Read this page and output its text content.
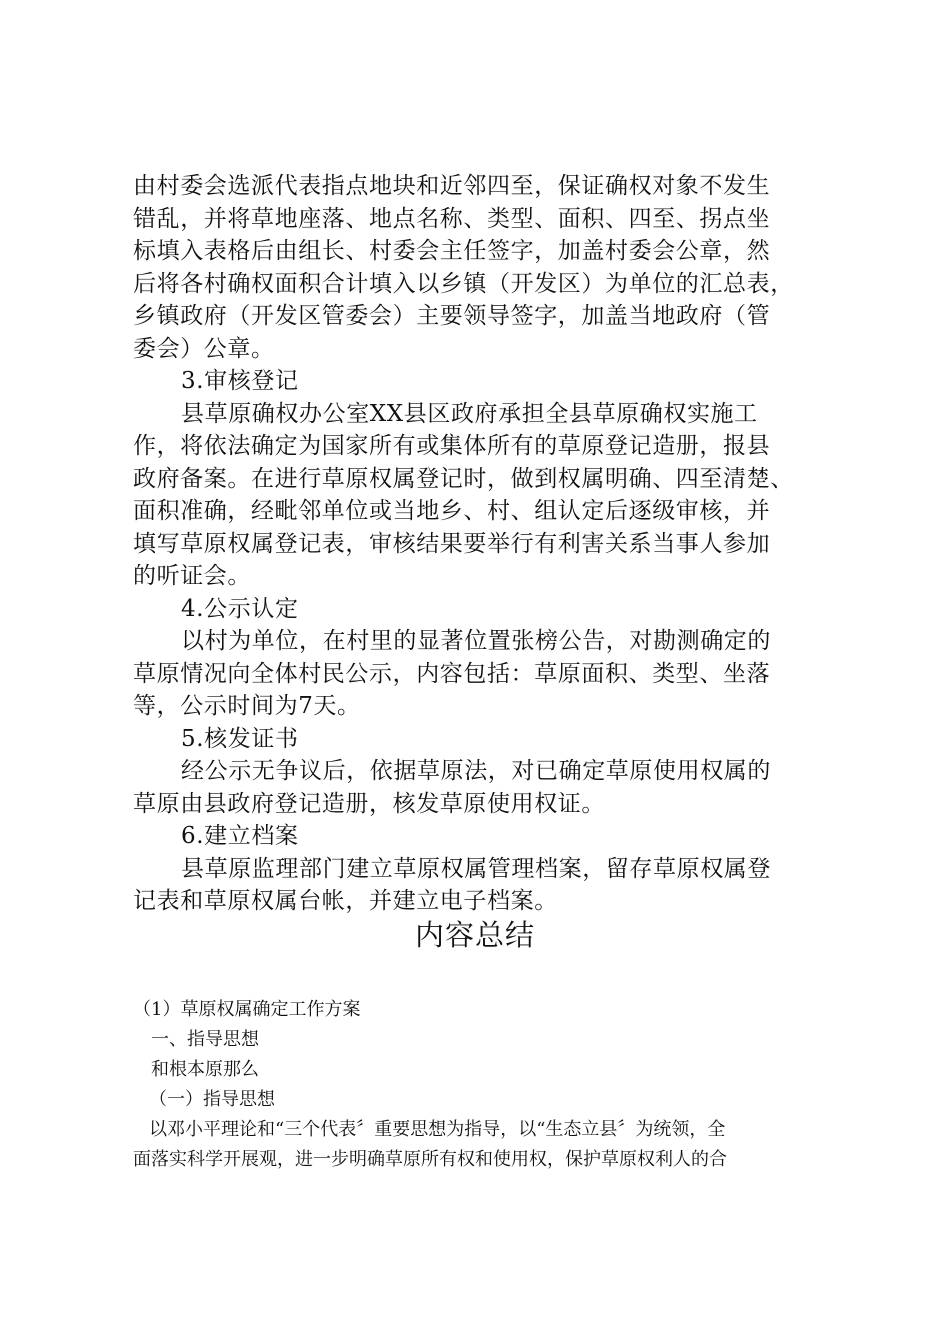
由村委会选派代表指点地块和近邻四至，保证确权对象不发生
错乱，并将草地座落、地点名称、类型、面积、四至、拐点坐
标填入表格后由组长、村委会主任签字，加盖村委会公章，然
后将各村确权面积合计填入以乡镇（开发区）为单位的汇总表，
乡镇政府（开发区管委会）主要领导签字，加盖当地政府（管
委会）公章。
3.审核登记
县草原确权办公室XX县区政府承担全县草原确权实施工
作，将依法确定为国家所有或集体所有的草原登记造册，报县
政府备案。在进行草原权属登记时，做到权属明确、四至清楚、
面积准确，经毗邻单位或当地乡、村、组认定后逐级审核，并
填写草原权属登记表，审核结果要举行有利害关系当事人参加
的听证会。
4.公示认定
以村为单位，在村里的显著位置张榜公告，对勘测确定的
草原情况向全体村民公示，内容包括：草原面积、类型、坐落
等，公示时间为7天。
5.核发证书
经公示无争议后，依据草原法，对已确定草原使用权属的
草原由县政府登记造册，核发草原使用权证。
6.建立档案
县草原监理部门建立草原权属管理档案，留存草原权属登
记表和草原权属台帐，并建立电子档案。
内容总结
（1）草原权属确定工作方案
一、指导思想
和根本原那么
（一）指导思想
以邓小平理论和“三个代表〞重要思想为指导，以“生态立县〞为统领，全
面落实科学开展观，进一步明确草原所有权和使用权，保护草原权利人的合
